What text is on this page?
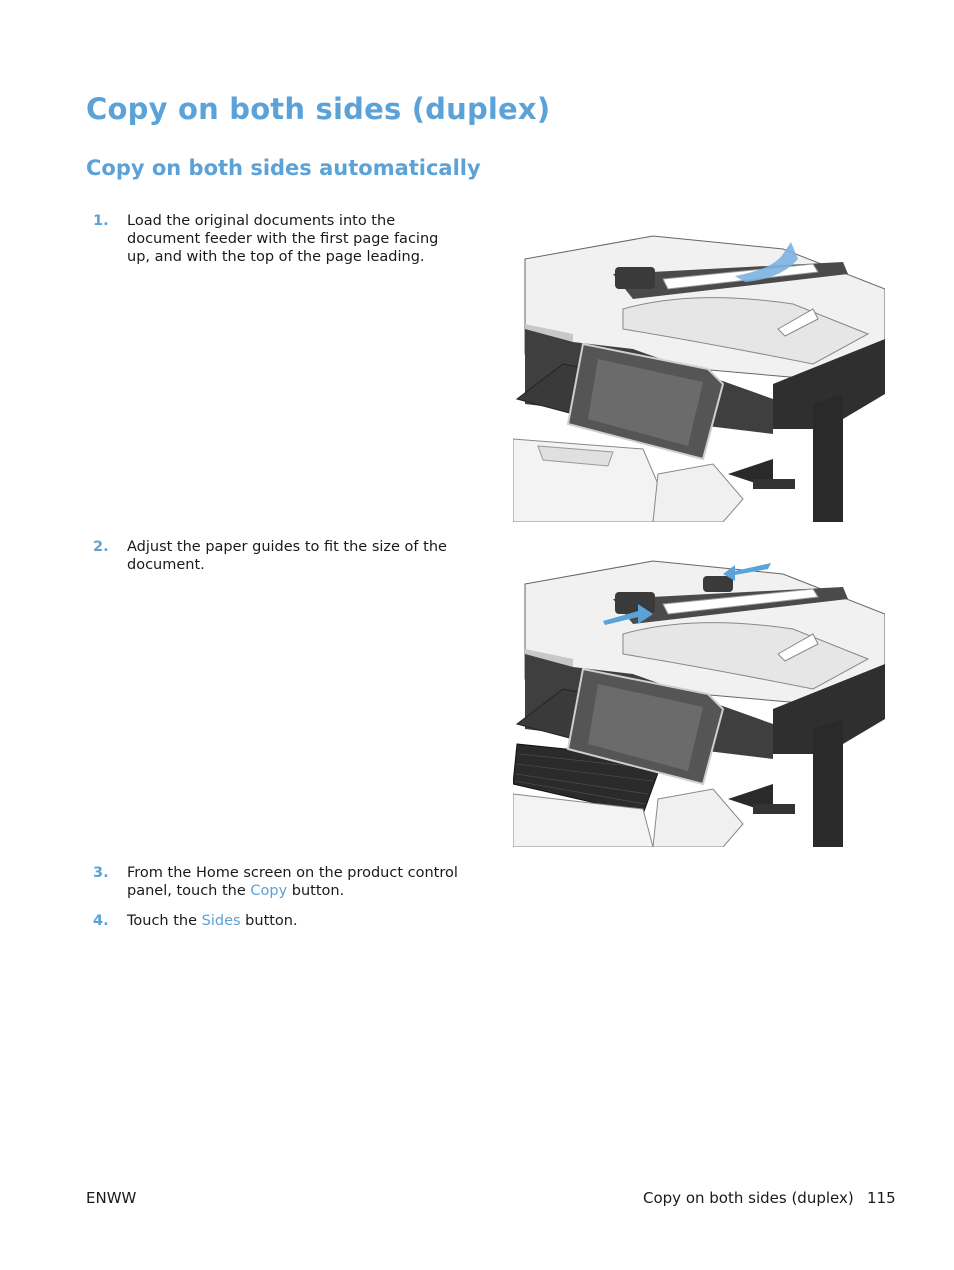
Copy on both sides (duplex)
Copy on both sides automatically
1. Load the original documents into the document feeder with the first page facing up, and with the top of the page leading.
2. Adjust the paper guides to fit the size of the document.
3. From the Home screen on the product control panel, touch the Copy button.
4. Touch the Sides button.
ENWW	Copy on both sides (duplex) 115
